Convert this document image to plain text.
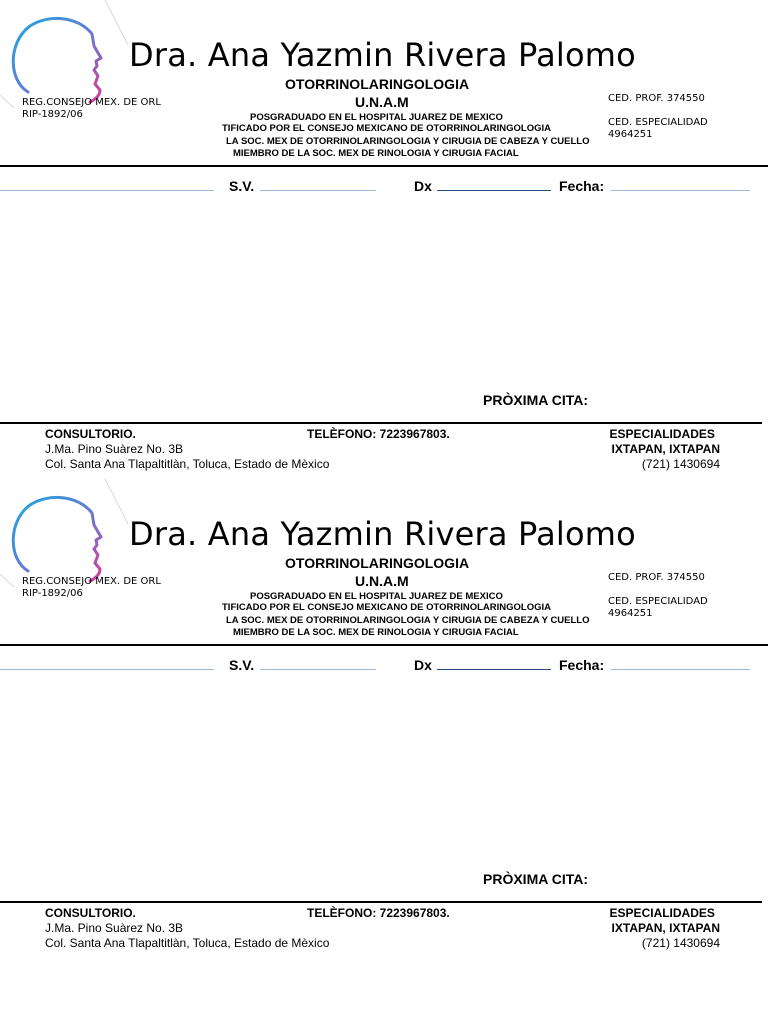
Dra. Ana Yazmin Rivera Palomo
OTORRINOLARINGOLOGIA
U.N.A.M
REG.CONSEJO MEX. DE ORL
RIP-1892/06
CED. PROF. 374550
CED. ESPECIALIDAD
4964251
POSGRADUADO EN EL HOSPITAL JUAREZ DE MEXICO
TIFICADO POR EL CONSEJO MEXICANO DE OTORRINOLARINGOLOGIA
LA SOC. MEX DE OTORRINOLARINGOLOGIA Y CIRUGIA DE CABEZA Y CUELLO
MIEMBRO DE LA SOC. MEX DE RINOLOGIA Y CIRUGIA FACIAL
S.V.	Dx	Fecha:
PRÒXIMA CITA:
CONSULTORIO.
J.Ma. Pino Suàrez No. 3B
Col. Santa Ana Tlapaltitlàn, Toluca, Estado de Mèxico
TELÈFONO: 7223967803.	ESPECIALIDADES
IXTAPAN, IXTAPAN
(721) 1430694
Dra. Ana Yazmin Rivera Palomo
OTORRINOLARINGOLOGIA
U.N.A.M
REG.CONSEJO MEX. DE ORL
RIP-1892/06
CED. PROF. 374550
CED. ESPECIALIDAD
4964251
POSGRADUADO EN EL HOSPITAL JUAREZ DE MEXICO
TIFICADO POR EL CONSEJO MEXICANO DE OTORRINOLARINGOLOGIA
LA SOC. MEX DE OTORRINOLARINGOLOGIA Y CIRUGIA DE CABEZA Y CUELLO
MIEMBRO DE LA SOC. MEX DE RINOLOGIA Y CIRUGIA FACIAL
S.V.	Dx	Fecha:
PRÒXIMA CITA:
CONSULTORIO.
J.Ma. Pino Suàrez No. 3B
Col. Santa Ana Tlapaltitlàn, Toluca, Estado de Mèxico
TELÈFONO: 7223967803.	ESPECIALIDADES
IXTAPAN, IXTAPAN
(721) 1430694
